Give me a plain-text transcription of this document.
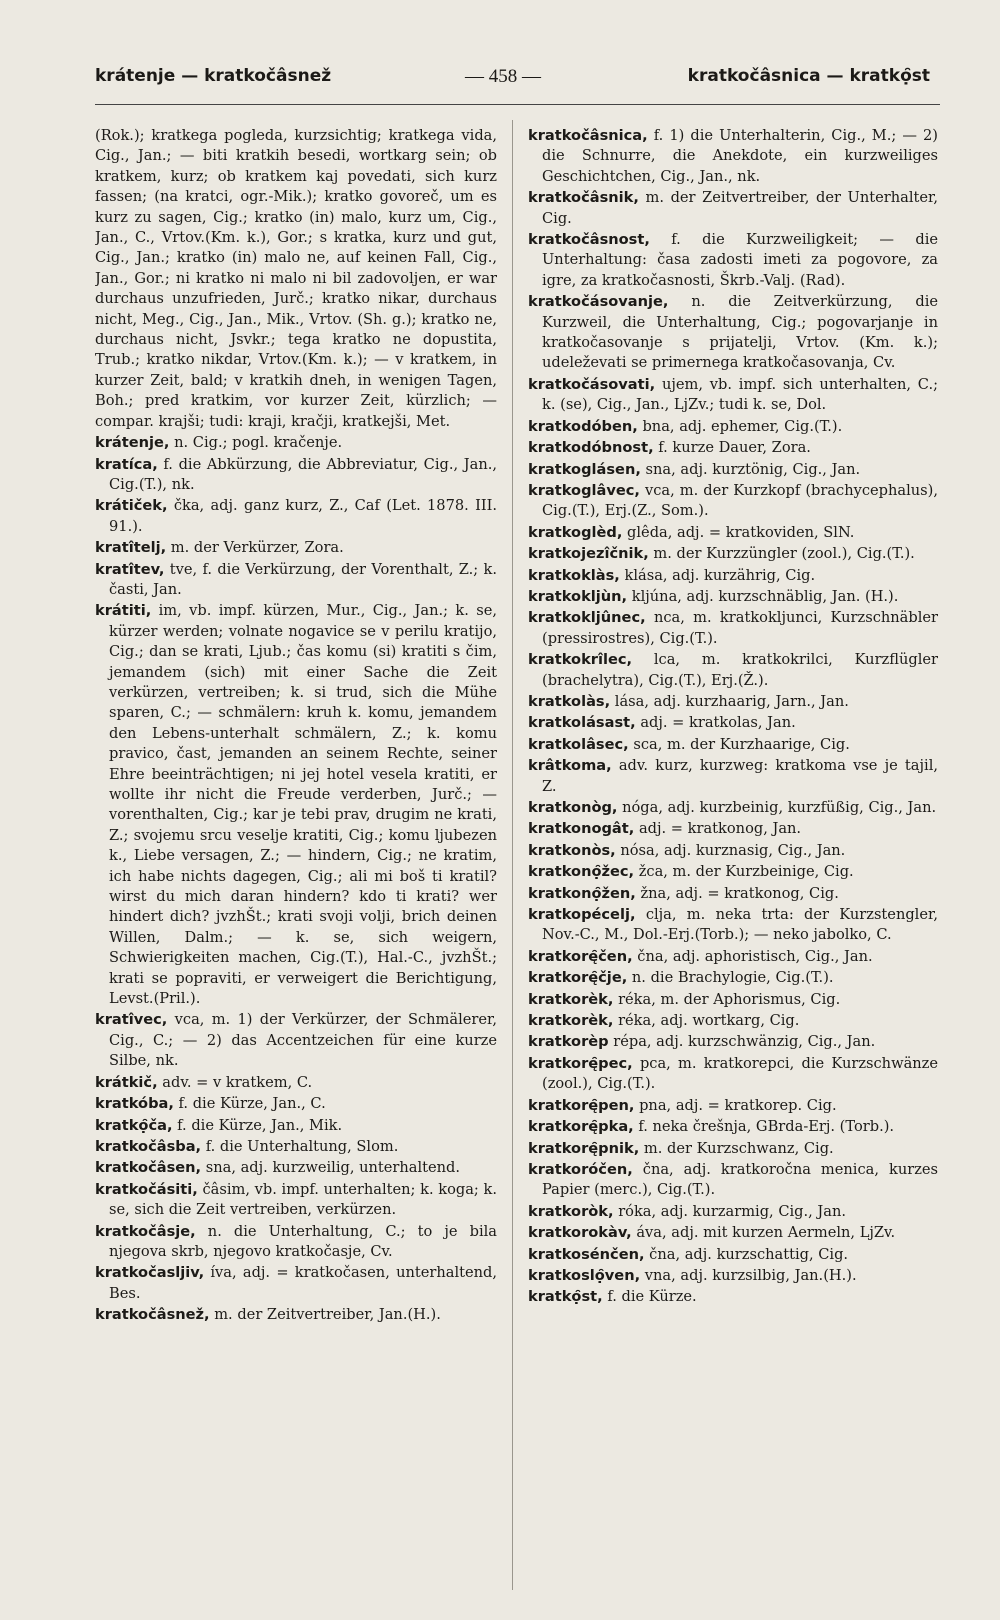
krátenje — kratkočâsnež	— 458 —	kratkočâsnica — kratkọ̑st

(Rok.); kratkega pogleda, kurzsichtig; kratkega vida, Cig., Jan.; — biti kratkih besedi, wortkarg sein; ob kratkem, kurz; ob kratkem kaj povedati, sich kurz fassen; (na kratci, ogr.-Mik.); kratko govoreč, um es kurz zu sagen, Cig.; kratko (in) malo, kurz um, Cig., Jan., C., Vrtov.(Km. k.), Gor.; s kratka, kurz und gut, Cig., Jan.; kratko (in) malo ne, auf keinen Fall, Cig., Jan., Gor.; ni kratko ni malo ni bil zadovoljen, er war durchaus unzufrieden, Jurč.; kratko nikar, durchaus nicht, Meg., Cig., Jan., Mik., Vrtov. (Sh. g.); kratko ne, durchaus nicht, Jsvkr.; tega kratko ne dopustita, Trub.; kratko nikdar, Vrtov.(Km. k.); — v kratkem, in kurzer Zeit, bald; v kratkih dneh, in wenigen Tagen, Boh.; pred kratkim, vor kurzer Zeit, kürzlich; — compar. krajši; tudi: kraji, kračji, kratkejši, Met.

krátenje, n. Cig.; pogl. kračenje.

kratíca, f. die Abkürzung, die Abbreviatur, Cig., Jan., Cig.(T.), nk.

krátiček, čka, adj. ganz kurz, Z., Caf (Let. 1878. III. 91.).

kratîtelj, m. der Verkürzer, Zora.

kratîtev, tve, f. die Verkürzung, der Vorenthalt, Z.; k. časti, Jan.

krátiti, im, vb. impf. kürzen, Mur., Cig., Jan.; k. se, kürzer werden; volnate nogavice se v perilu kratijo, Cig.; dan se krati, Ljub.; čas komu (si) kratiti s čim, jemandem (sich) mit einer Sache die Zeit verkürzen, vertreiben; k. si trud, sich die Mühe sparen, C.; — schmälern: kruh k. komu, jemandem den Lebens-unterhalt schmälern, Z.; k. komu pravico, čast, jemanden an seinem Rechte, seiner Ehre beeinträchtigen; ni jej hotel vesela kratiti, er wollte ihr nicht die Freude verderben, Jurč.; — vorenthalten, Cig.; kar je tebi prav, drugim ne krati, Z.; svojemu srcu veselje kratiti, Cig.; komu ljubezen k., Liebe versagen, Z.; — hindern, Cig.; ne kratim, ich habe nichts dagegen, Cig.; ali mi boš ti kratil? wirst du mich daran hindern? kdo ti krati? wer hindert dich? jvzhŠt.; krati svoji volji, brich deinen Willen, Dalm.; — k. se, sich weigern, Schwierigkeiten machen, Cig.(T.), Hal.-C., jvzhŠt.; krati se popraviti, er verweigert die Berichtigung, Levst.(Pril.).

kratîvec, vca, m. 1) der Verkürzer, der Schmälerer, Cig., C.; — 2) das Accentzeichen für eine kurze Silbe, nk.

krátkič, adv. = v kratkem, C.

kratkóba, f. die Kürze, Jan., C.

kratkọ̑ča, f. die Kürze, Jan., Mik.

kratkočâsba, f. die Unterhaltung, Slom.

kratkočâsen, sna, adj. kurzweilig, unterhaltend.

kratkočásiti, čâsim, vb. impf. unterhalten; k. koga; k. se, sich die Zeit vertreiben, verkürzen.

kratkočâsje, n. die Unterhaltung, C.; to je bila njegova skrb, njegovo kratkočasje, Cv.

kratkočasljiv, íva, adj. = kratkočasen, unterhaltend, Bes.

kratkočâsnež, m. der Zeitvertreiber, Jan.(H.).

kratkočâsnica, f. 1) die Unterhalterin, Cig., M.; — 2) die Schnurre, die Anekdote, ein kurzweiliges Geschichtchen, Cig., Jan., nk.

kratkočâsnik, m. der Zeitvertreiber, der Unterhalter, Cig.

kratkočâsnost, f. die Kurzweiligkeit; — die Unterhaltung: časa zadosti imeti za pogovore, za igre, za kratkočasnosti, Škrb.-Valj. (Rad).

kratkočásovanje, n. die Zeitverkürzung, die Kurzweil, die Unterhaltung, Cig.; pogovarjanje in kratkočasovanje s prijatelji, Vrtov. (Km. k.); udeleževati se primernega kratkočasovanja, Cv.

kratkočásovati, ujem, vb. impf. sich unterhalten, C.; k. (se), Cig., Jan., LjZv.; tudi k. se, Dol.

kratkodóben, bna, adj. ephemer, Cig.(T.).

kratkodóbnost, f. kurze Dauer, Zora.

kratkoglásen, sna, adj. kurztönig, Cig., Jan.

kratkoglâvec, vca, m. der Kurzkopf (brachycephalus), Cig.(T.), Erj.(Z., Som.).

kratkoglèd, glêda, adj. = kratkoviden, SlN.

kratkojezîčnik, m. der Kurzzüngler (zool.), Cig.(T.).

kratkoklàs, klása, adj. kurzährig, Cig.

kratkokljùn, kljúna, adj. kurzschnäblig, Jan. (H.).

kratkokljûnec, nca, m. kratkokljunci, Kurzschnäbler (pressirostres), Cig.(T.).

kratkokrîlec, lca, m. kratkokrilci, Kurzflügler (brachelytra), Cig.(T.), Erj.(Ž.).

kratkolàs, lása, adj. kurzhaarig, Jarn., Jan.

kratkolásast, adj. = kratkolas, Jan.

kratkolâsec, sca, m. der Kurzhaarige, Cig.

krâtkoma, adv. kurz, kurzweg: kratkoma vse je tajil, Z.

kratkonòg, nóga, adj. kurzbeinig, kurzfüßig, Cig., Jan.

kratkonogât, adj. = kratkonog, Jan.

kratkonòs, nósa, adj. kurznasig, Cig., Jan.

kratkonọ̑žec, žca, m. der Kurzbeinige, Cig.

kratkonọ̑žen, žna, adj. = kratkonog, Cig.

kratkopécelj, clja, m. neka trta: der Kurzstengler, Nov.-C., M., Dol.-Erj.(Torb.); — neko jabolko, C.

kratkorę̑čen, čna, adj. aphoristisch, Cig., Jan.

kratkorę̑čje, n. die Brachylogie, Cig.(T.).

kratkorèk, réka, m. der Aphorismus, Cig.

kratkorèk, réka, adj. wortkarg, Cig.

kratkorèp répa, adj. kurzschwänzig, Cig., Jan.

kratkorę̑pec, pca, m. kratkorepci, die Kurzschwänze (zool.), Cig.(T.).

kratkorę̑pen, pna, adj. = kratkorep. Cig.

kratkorę̑pka, f. neka črešnja, GBrda-Erj. (Torb.).

kratkorę̑pnik, m. der Kurzschwanz, Cig.

kratkoróčen, čna, adj. kratkoročna menica, kurzes Papier (merc.), Cig.(T.).

kratkoròk, róka, adj. kurzarmig, Cig., Jan.

kratkorokàv, áva, adj. mit kurzen Aermeln, LjZv.

kratkosénčen, čna, adj. kurzschattig, Cig.

kratkoslọ̑ven, vna, adj. kurzsilbig, Jan.(H.).

kratkọ̑st, f. die Kürze.
